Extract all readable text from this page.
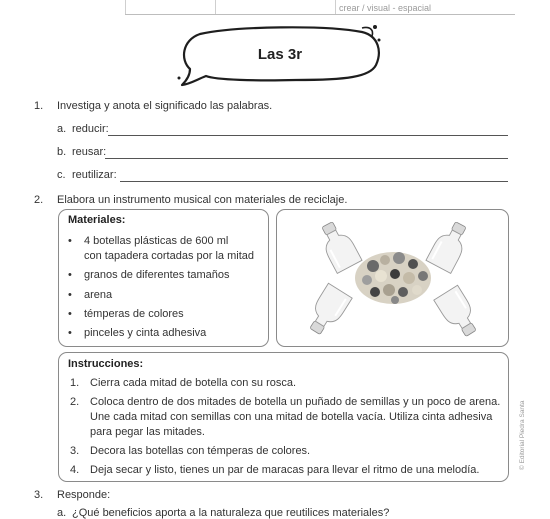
crear / visual - espacial
Las 3r
1. Investiga y anota el significado las palabras.
a. reducir:
b. reusar:
c. reutilizar:
2. Elabora un instrumento musical con materiales de reciclaje.
Materiales:
• 4 botellas plásticas de 600 ml
con tapadera cortadas por la mitad
• granos de diferentes tamaños
• arena
• témperas de colores
• pinceles y cinta adhesiva
Instrucciones:
1. Cierra cada mitad de botella con su rosca.
2. Coloca dentro de dos mitades de botella un puñado de semillas y un poco de arena.
Une cada mitad con semillas con una mitad de botella vacía. Utiliza cinta adhesiva
para pegar las mitades.
3. Decora las botellas con témperas de colores.
4. Deja secar y listo, tienes un par de maracas para llevar el ritmo de una melodía.
3. Responde:
a. ¿Qué beneficios aporta a la naturaleza que reutilices materiales?
© Editorial Piedra Santa
